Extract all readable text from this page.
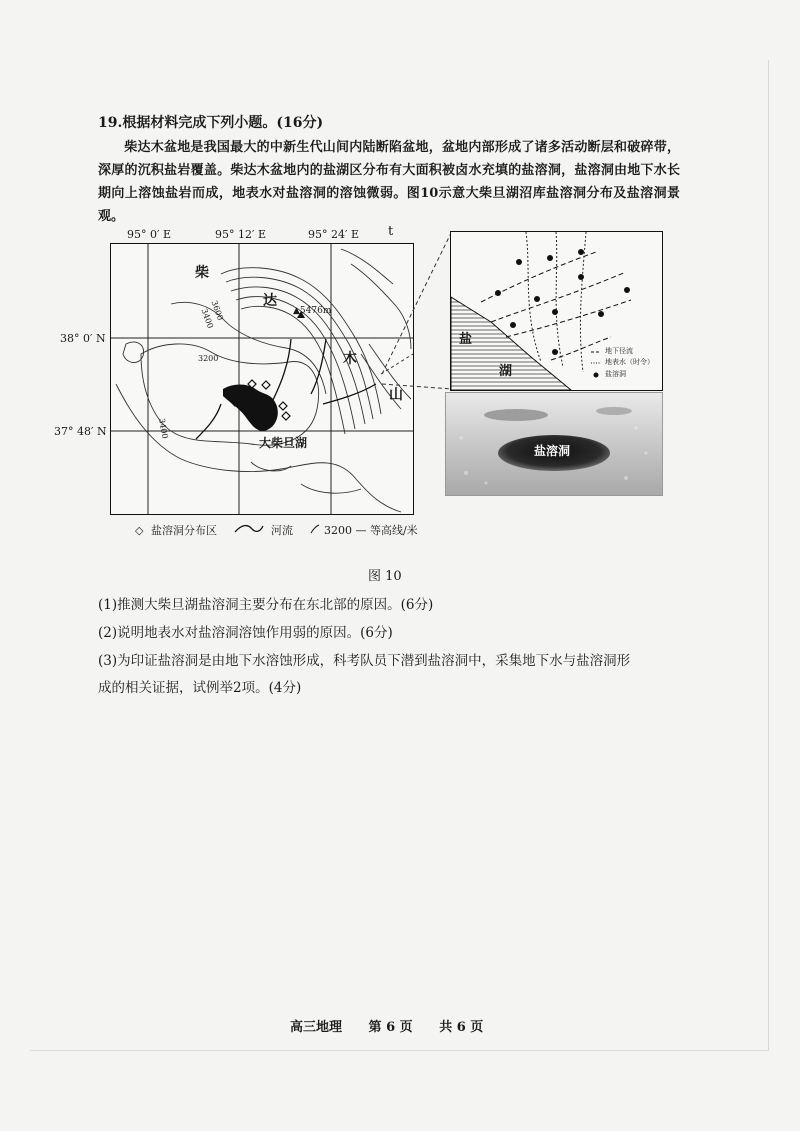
19.根据材料完成下列小题。(16分)
柴达木盆地是我国最大的中新生代山间内陆断陷盆地，盆地内部形成了诸多活动断层和破碎带，深厚的沉积盐岩覆盖。柴达木盆地内的盐湖区分布有大面积被卤水充填的盐溶洞，盐溶洞由地下水长期向上溶蚀盐岩而成，地表水对盐溶洞的溶蚀微弱。图10示意大柴旦湖沼库盐溶洞分布及盐溶洞景观。
95° 0′ E	95° 12′ E	95° 24′ E t
38° 0′ N
37° 48′ N
柴
达
木
山
▲5476m
3600
3400
3200
3400
大柴旦湖
◇ 盐溶洞分布区	河流	3200 — 等高线/米
盐
湖
地下径流
地表水（时令）
盐溶洞
盐溶洞
图 10
(1)推测大柴旦湖盐溶洞主要分布在东北部的原因。(6分)
(2)说明地表水对盐溶洞溶蚀作用弱的原因。(6分)
(3)为印证盐溶洞是由地下水溶蚀形成，科考队员下潜到盐溶洞中，采集地下水与盐溶洞形
成的相关证据，试例举2项。(4分)
高三地理 第 6 页 共 6 页
